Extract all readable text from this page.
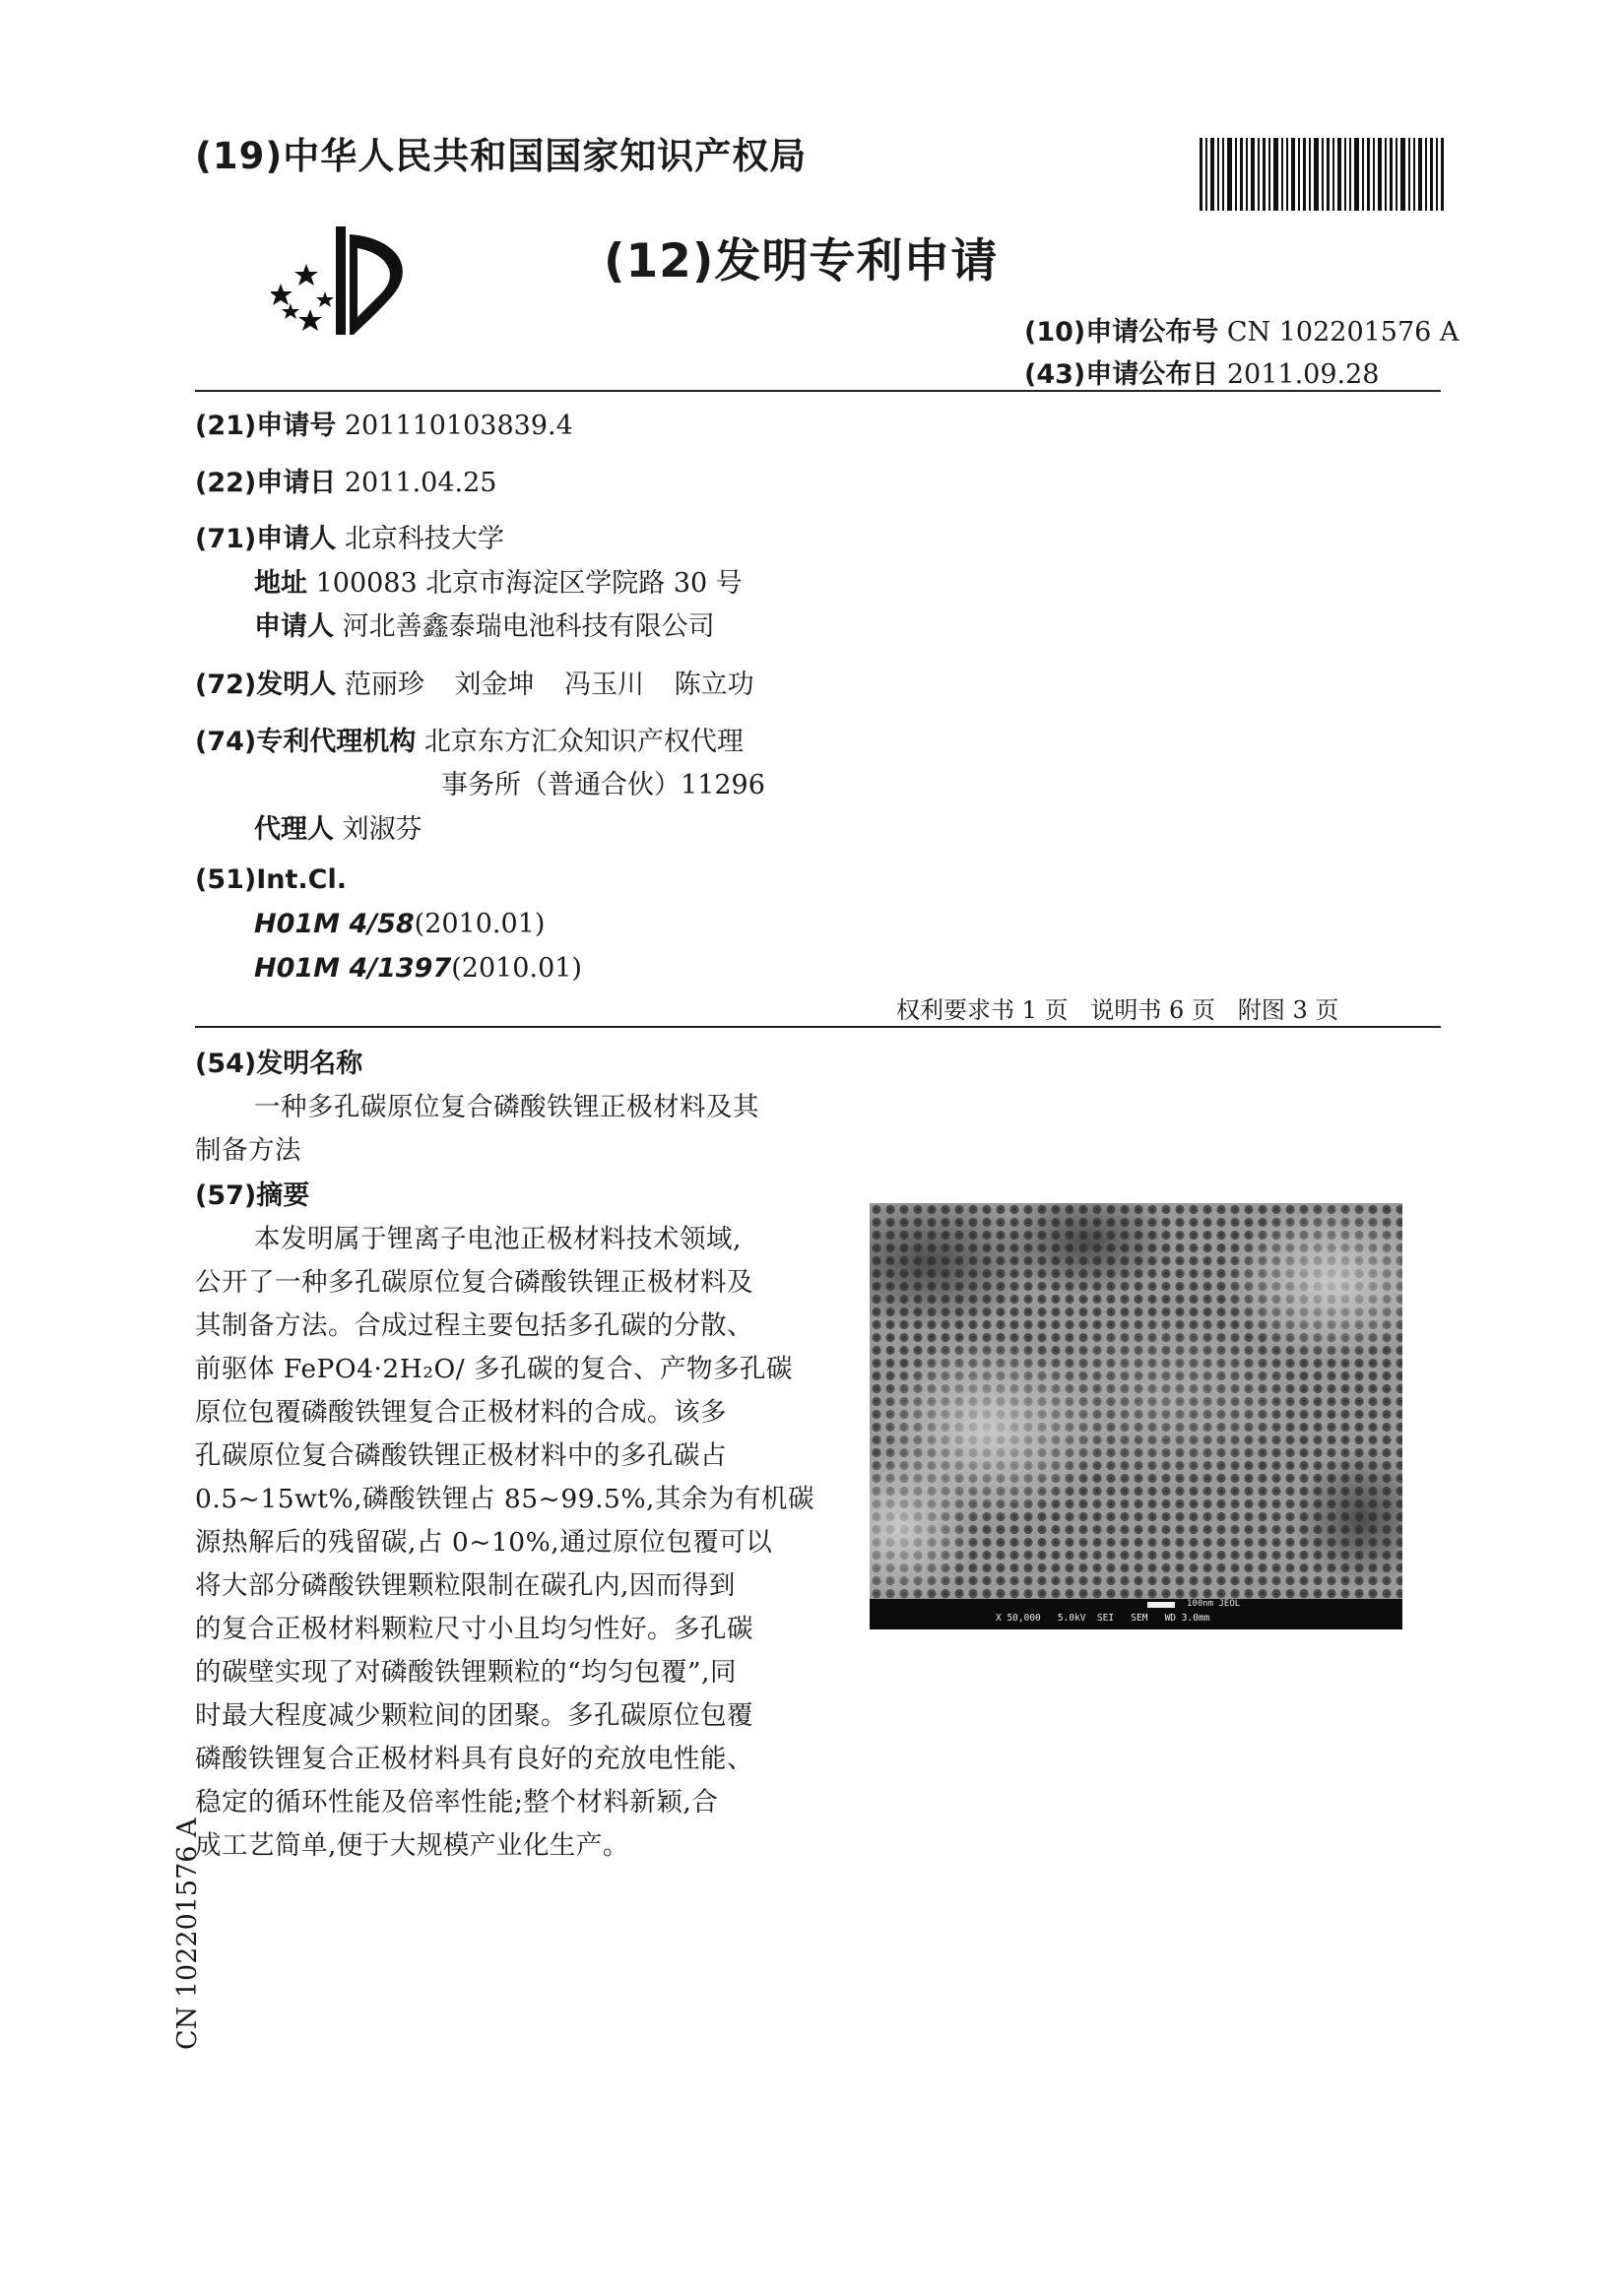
(19)中华人民共和国国家知识产权局
(12)发明专利申请
(10)申请公布号 CN 102201576 A
(43)申请公布日 2011.09.28
(21)申请号 201110103839.4
(22)申请日 2011.04.25
(71)申请人 北京科技大学
地址 100083 北京市海淀区学院路 30 号
申请人 河北善鑫泰瑞电池科技有限公司
(72)发明人 范丽珍 刘金坤 冯玉川 陈立功
(74)专利代理机构 北京东方汇众知识产权代理
事务所（普通合伙）11296
代理人 刘淑芬
(51)Int.Cl.
H01M 4/58(2010.01)
H01M 4/1397(2010.01)
权利要求书 1 页   说明书 6 页   附图 3 页
(54)发明名称
一种多孔碳原位复合磷酸铁锂正极材料及其
制备方法
(57)摘要
本发明属于锂离子电池正极材料技术领域,
公开了一种多孔碳原位复合磷酸铁锂正极材料及
其制备方法。合成过程主要包括多孔碳的分散、
前驱体 FePO4·2H₂O/ 多孔碳的复合、产物多孔碳
原位包覆磷酸铁锂复合正极材料的合成。该多
孔碳原位复合磷酸铁锂正极材料中的多孔碳占
0.5~15wt%,磷酸铁锂占 85~99.5%,其余为有机碳
源热解后的残留碳,占 0~10%,通过原位包覆可以
将大部分磷酸铁锂颗粒限制在碳孔内,因而得到
的复合正极材料颗粒尺寸小且均匀性好。多孔碳
的碳壁实现了对磷酸铁锂颗粒的“均匀包覆”,同
时最大程度减少颗粒间的团聚。多孔碳原位包覆
磷酸铁锂复合正极材料具有良好的充放电性能、
稳定的循环性能及倍率性能;整个材料新颖,合
成工艺简单,便于大规模产业化生产。
100nm JEOL
X 50,000   5.0kV  SEI   SEM   WD 3.0mm
CN 102201576 A
